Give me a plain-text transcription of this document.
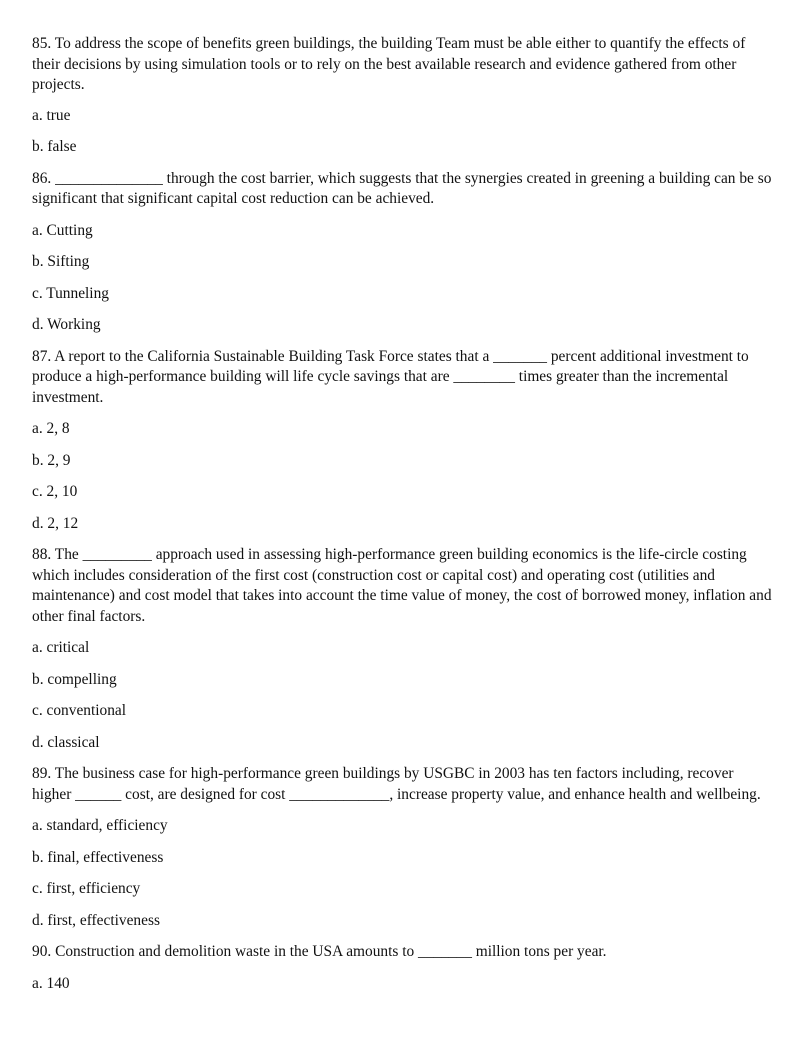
85. To address the scope of benefits green buildings, the building Team must be able either to quantify the effects of their decisions by using simulation tools or to rely on the best available research and evidence gathered from other projects.

a. true

b. false

86. ______________ through the cost barrier, which suggests that the synergies created in greening a building can be so significant that significant capital cost reduction can be achieved.

a. Cutting

b. Sifting

c. Tunneling

d. Working

87. A report to the California Sustainable Building Task Force states that a _______ percent additional investment to produce a high-performance building will life cycle savings that are ________ times greater than the incremental investment.

a. 2, 8

b. 2, 9

c. 2, 10

d. 2, 12

88. The _________ approach used in assessing high-performance green building economics is the life-circle costing which includes consideration of the first cost (construction cost or capital cost) and operating cost (utilities and maintenance) and cost model that takes into account the time value of money, the cost of borrowed money, inflation and other final factors.

a. critical

b. compelling

c. conventional

d. classical

89. The business case for high-performance green buildings by USGBC in 2003 has ten factors including, recover higher ______ cost, are designed for cost _____________, increase property value, and enhance health and wellbeing.

a. standard, efficiency

b. final, effectiveness

c. first, efficiency

d. first, effectiveness

90. Construction and demolition waste in the USA amounts to _______ million tons per year.

a. 140
